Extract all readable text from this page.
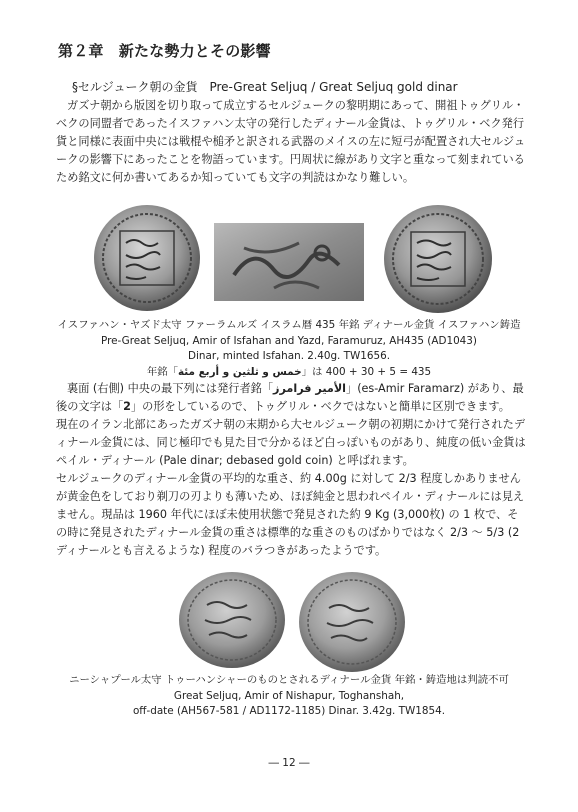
第２章　新たな勢力とその影響
§セルジューク朝の金貨　Pre-Great Seljuq / Great Seljuq gold dinar

ガズナ朝から版図を切り取って成立するセルジュークの黎明期にあって、開祖トゥグリル・ベクの同盟者であったイスファハン太守の発行したディナール金貨は、トゥグリル・ベク発行貨と同様に表面中央には戦棍や槌矛と訳される武器のメイスの左に短弓が配置され大セルジュークの影響下にあったことを物語っています。円周状に線があり文字と重なって刻まれているため銘文に何か書いてあるか知っていても文字の判読はかなり難しい。

イスファハン・ヤズド太守 ファーラムルズ イスラム暦 435 年銘 ディナール金貨 イスファハン鋳造
Pre-Great Seljuq, Amir of Isfahan and Yazd, Faramuruz, AH435 (AD1043)
Dinar, minted Isfahan. 2.40g. TW1656.
年銘「خمس و ثلثين و أربع مئة」は 400 + 30 + 5 = 435

裏面 (右側) 中央の最下列には発行者銘「الأمير فرامرز」(es-Amir Faramarz) があり、最後の文字は「2」の形をしているので、トゥグリル・ベクではないと簡単に区別できます。

現在のイラン北部にあったガズナ朝の末期から大セルジューク朝の初期にかけて発行されたディナール金貨には、同じ極印でも見た目で分かるほど白っぽいものがあり、純度の低い金貨はペイル・ディナール (Pale dinar; debased gold coin) と呼ばれます。

セルジュークのディナール金貨の平均的な重さ、約 4.00g に対して 2/3 程度しかありませんが黄金色をしており剃刀の刃よりも薄いため、ほぼ純金と思われペイル・ディナールには見えません。現品は 1960 年代にほぼ未使用状態で発見された約 9 Kg (3,000枚) の 1 枚で、その時に発見されたディナール金貨の重さは標準的な重さのものばかりではなく 2/3 ～ 5/3 (2 ディナールとも言えるような) 程度のバラつきがあったようです。

ニーシャプール太守 トゥーハンシャーのものとされるディナール金貨 年銘・鋳造地は判読不可
Great Seljuq, Amir of Nishapur, Toghanshah,
off-date (AH567-581 / AD1172-1185) Dinar. 3.42g. TW1854.
― 12 ―
